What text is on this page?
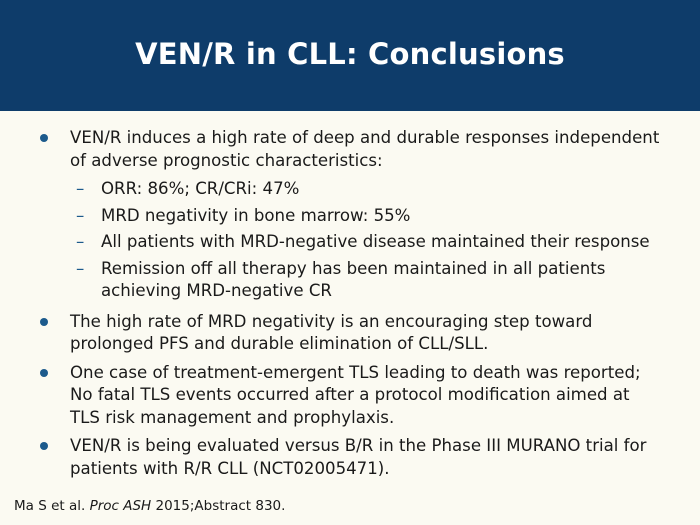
VEN/R in CLL: Conclusions
VEN/R induces a high rate of deep and durable responses independent of adverse prognostic characteristics:
– ORR: 86%; CR/CRi: 47%
– MRD negativity in bone marrow: 55%
– All patients with MRD-negative disease maintained their response
– Remission off all therapy has been maintained in all patients achieving MRD-negative CR
The high rate of MRD negativity is an encouraging step toward prolonged PFS and durable elimination of CLL/SLL.
One case of treatment-emergent TLS leading to death was reported; No fatal TLS events occurred after a protocol modification aimed at TLS risk management and prophylaxis.
VEN/R is being evaluated versus B/R in the Phase III MURANO trial for patients with R/R CLL (NCT02005471).
Ma S et al. Proc ASH 2015;Abstract 830.
